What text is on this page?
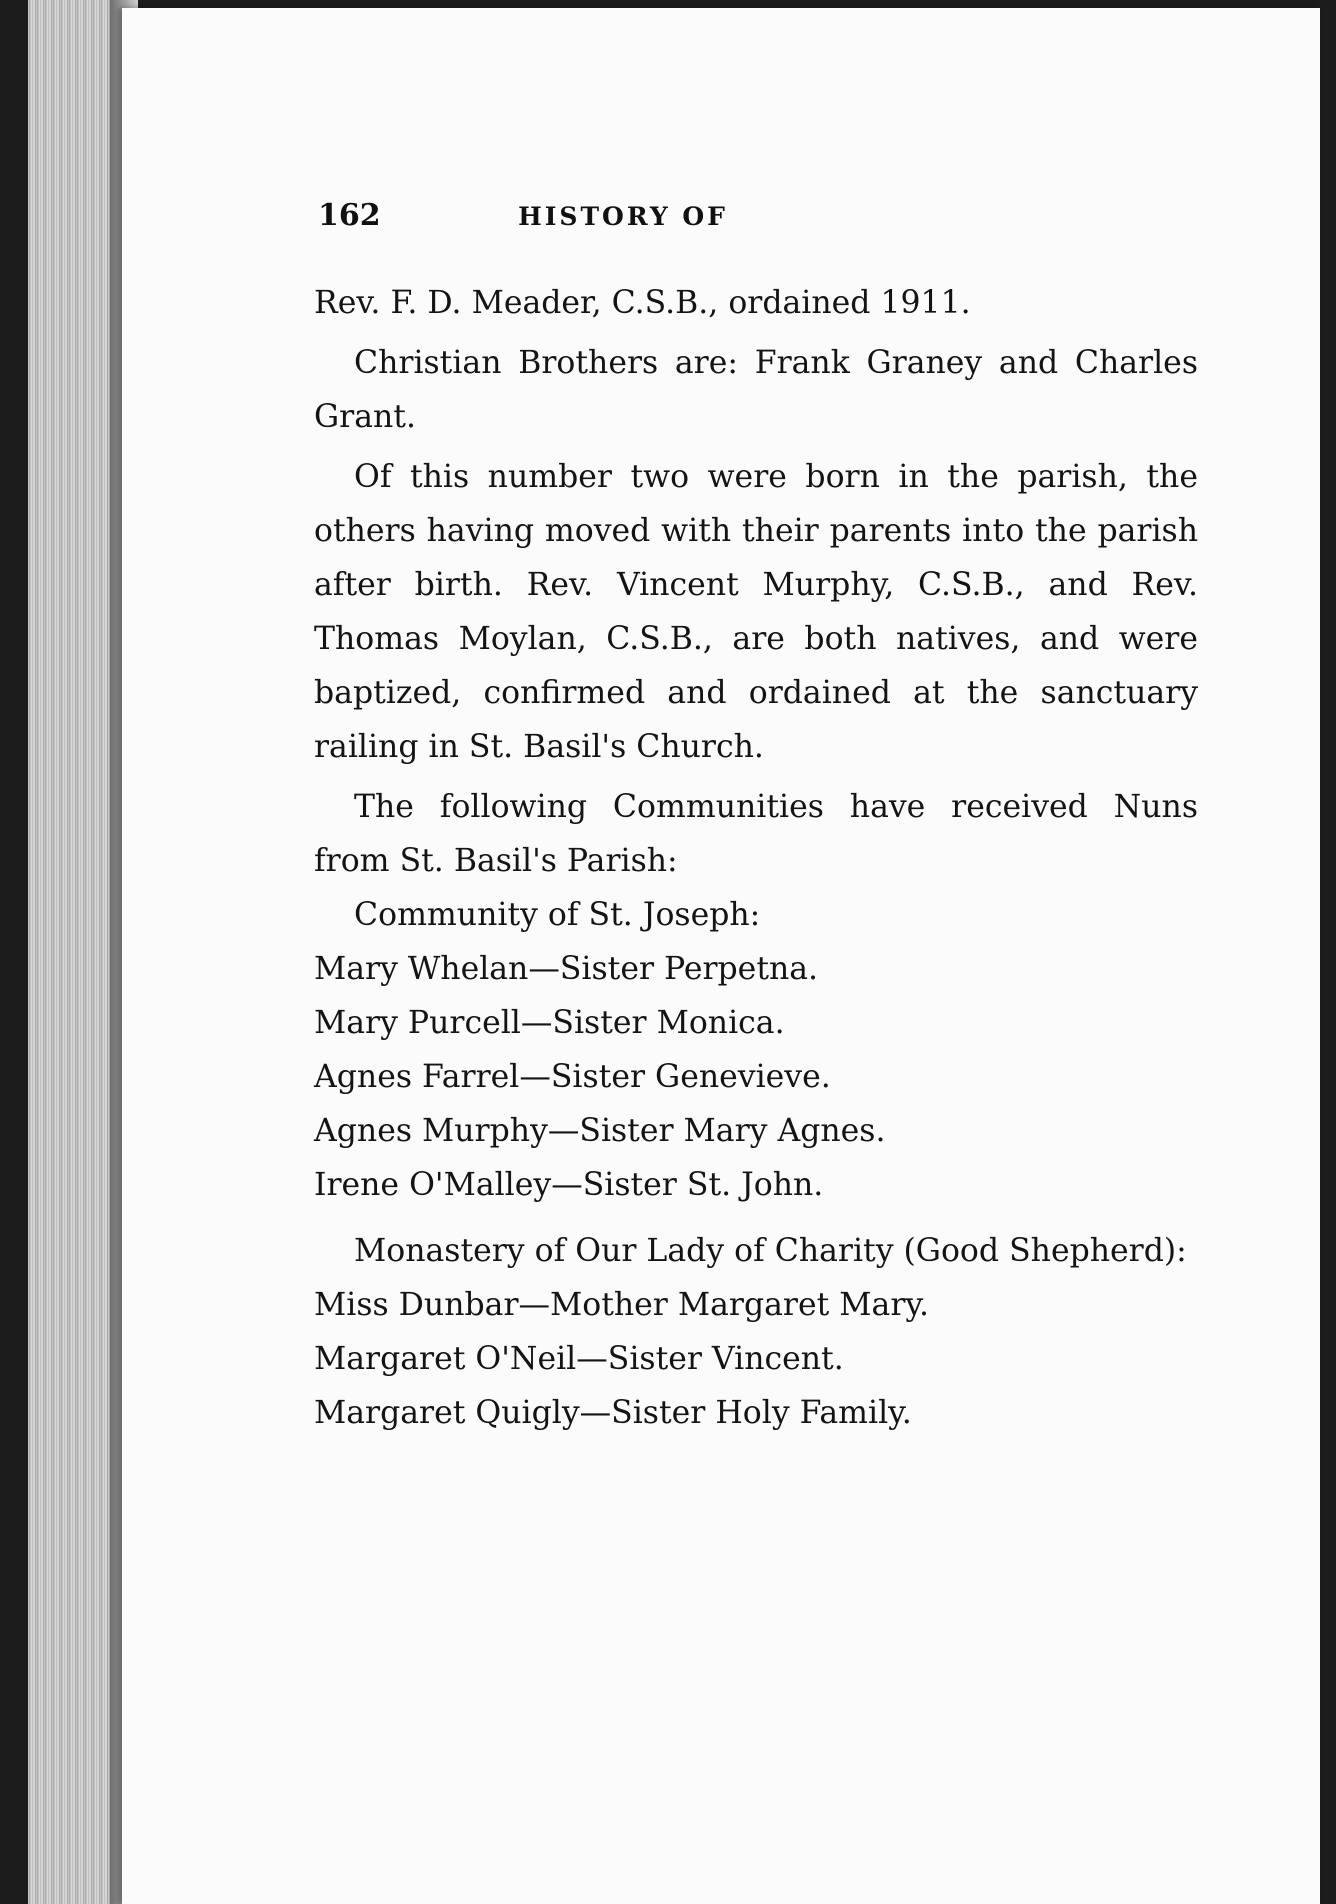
162	HISTORY OF

Rev. F. D. Meader, C.S.B., ordained 1911.

Christian Brothers are: Frank Graney and Charles Grant.

Of this number two were born in the parish, the others having moved with their parents into the parish after birth. Rev. Vincent Murphy, C.S.B., and Rev. Thomas Moylan, C.S.B., are both natives, and were baptized, confirmed and ordained at the sanctuary railing in St. Basil's Church.

The following Communities have received Nuns from St. Basil's Parish:

Community of St. Joseph:

Mary Whelan—Sister Perpetna.

Mary Purcell—Sister Monica.

Agnes Farrel—Sister Genevieve.

Agnes Murphy—Sister Mary Agnes.

Irene O'Malley—Sister St. John.

Monastery of Our Lady of Charity (Good Shepherd):

Miss Dunbar—Mother Margaret Mary.

Margaret O'Neil—Sister Vincent.

Margaret Quigly—Sister Holy Family.
